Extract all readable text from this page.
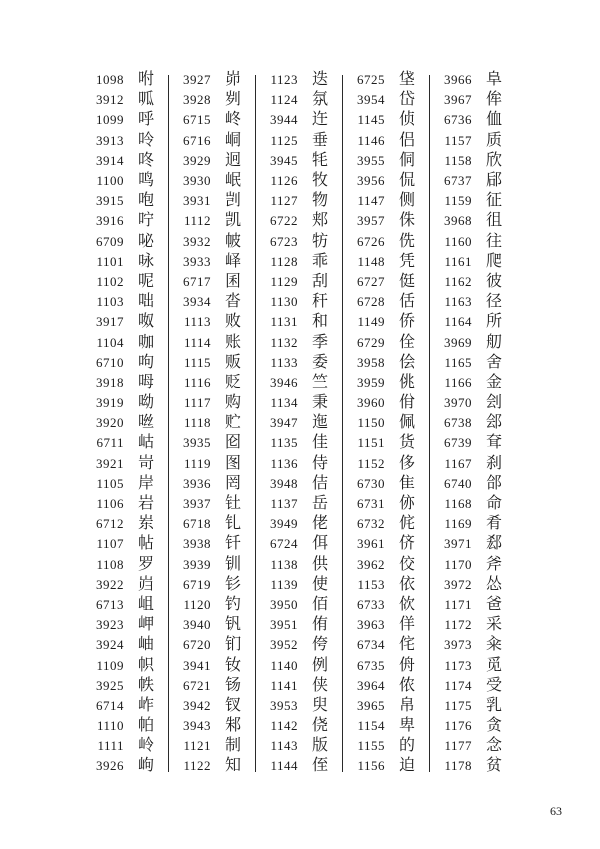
1098 咐
3912 呱
1099 呼
3913 呤
3914 咚
1100 鸣
3915 咆
3916 咛
6709 咇
1101 咏
1102 呢
1103 咄
3917 呶
1104 咖
6710 呴
3918 呣
3919 呦
3920 咝
6711 岵
3921 岢
1105 岸
1106 岩
6712 岽
1107 帖
1108 罗
3922 岿
6713 岨
3923 岬
3924 岫
1109 帜
3925 帙
6714 岞
1110 帕
1111 岭
3926 岣
3927 峁
3928 刿
6715 峂
6716 峒
3929 迥
3930 岷
3931 剀
1112 凯
3932 帔
3933 峄
6717 囷
3934 沓
1113 败
1114 账
1115 贩
1116 贬
1117 购
1118 贮
3935 囵
1119 图
3936 罔
3937 钍
6718 钆
3938 钎
3939 钏
6719 钐
1120 钓
3940 钒
6720 钔
3941 钕
6721 钖
3942 钗
3943 邾
1121 制
1122 知
1123 迭
1124 氛
3944 迕
1125 垂
3945 牦
1126 牧
1127 物
6722 郏
6723 牥
1128 乖
1129 刮
1130 秆
1131 和
1132 季
1133 委
3946 竺
1134 秉
3947 迤
1135 佳
1136 侍
3948 佶
1137 岳
3949 佬
6724 佴
1138 供
1139 使
3950 佰
3951 侑
3952 侉
1140 例
1141 侠
3953 臾
1142 侥
1143 版
1144 侄
6725 垡
3954 岱
1145 侦
1146 侣
3955 侗
3956 侃
1147 侧
3957 侏
6726 侁
1148 凭
6727 侹
6728 佸
1149 侨
6729 佺
3958 侩
3959 佻
3960 佾
1150 佩
1151 货
1152 侈
6730 隹
6731 㑊
6732 侂
3961 侪
3962 佼
1153 依
6733 佽
3963 佯
6734 侘
6735 侜
3964 侬
3965 帛
1154 卑
1155 的
1156 迫
3966 阜
3967 侔
6736 侐
1157 质
1158 欣
6737 郈
1159 征
3968 徂
1160 往
1161 爬
1162 彼
1163 径
1164 所
3969 舠
1165 舍
1166 金
3970 刽
6738 郐
6739 耷
1167 刹
6740 郃
1168 命
1169 肴
3971 郄
1170 斧
3972 怂
1171 爸
1172 采
3973 籴
1173 觅
1174 受
1175 乳
1176 贪
1177 念
1178 贫
63
